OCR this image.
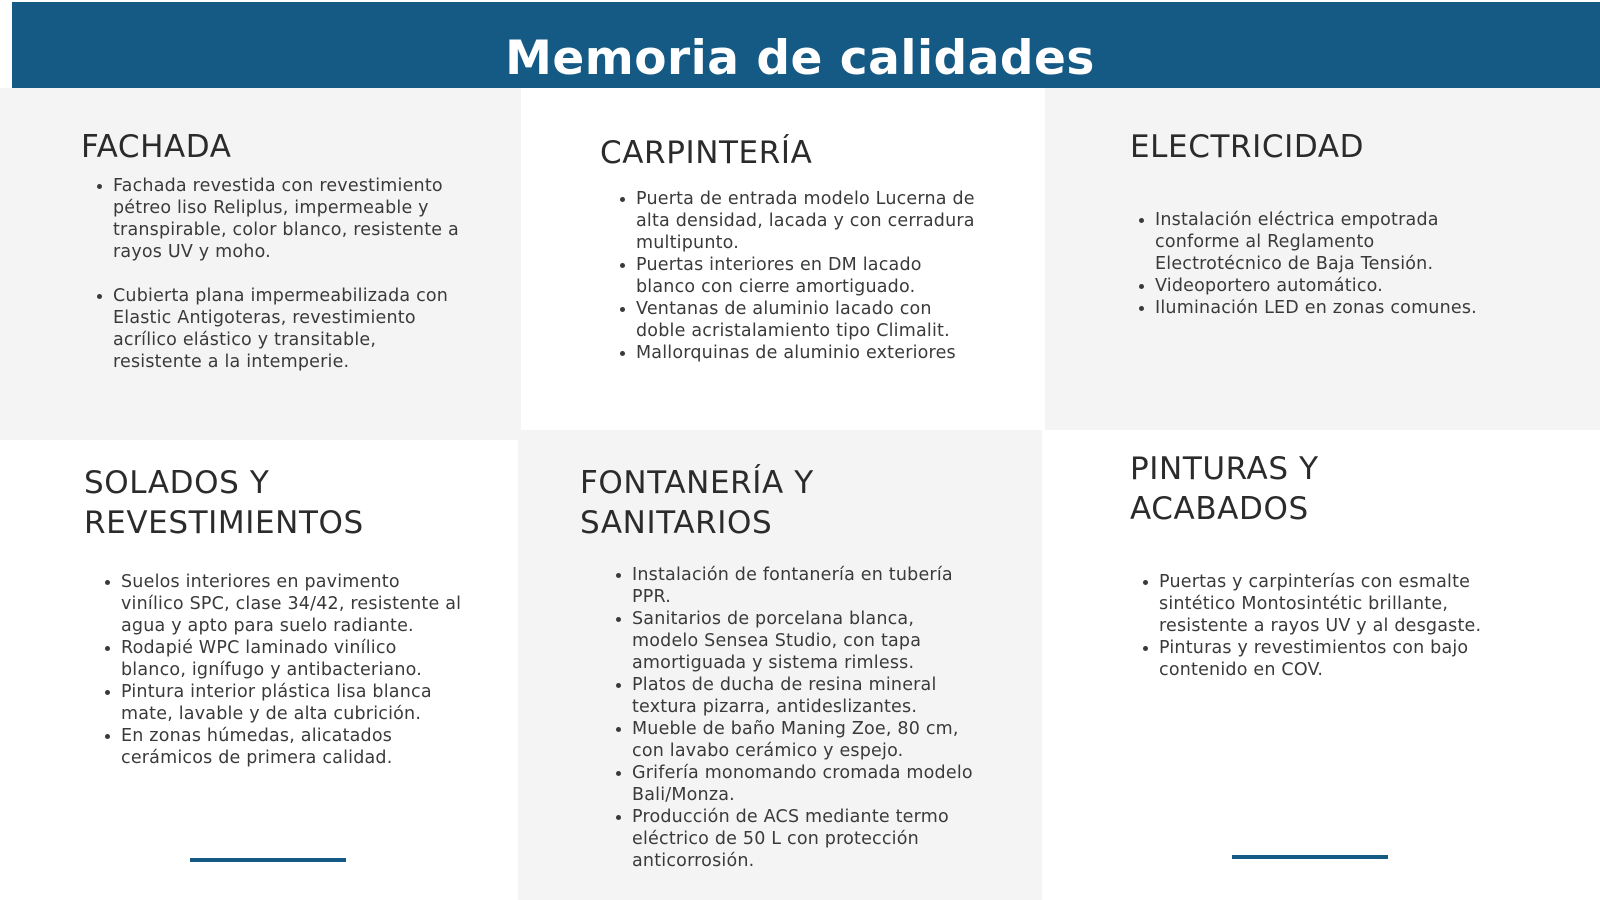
Memoria de calidades
FACHADA
• Fachada revestida con revestimiento pétreo liso Reliplus, impermeable y transpirable, color blanco, resistente a rayos UV y moho.
• Cubierta plana impermeabilizada con Elastic Antigoteras, revestimiento acrílico elástico y transitable, resistente a la intemperie.
CARPINTERÍA
• Puerta de entrada modelo Lucerna de alta densidad, lacada y con cerradura multipunto.
• Puertas interiores en DM lacado blanco con cierre amortiguado.
• Ventanas de aluminio lacado con doble acristalamiento tipo Climalit.
• Mallorquinas de aluminio exteriores
ELECTRICIDAD
• Instalación eléctrica empotrada conforme al Reglamento Electrotécnico de Baja Tensión.
• Videoportero automático.
• Iluminación LED en zonas comunes.
SOLADOS Y
REVESTIMIENTOS
• Suelos interiores en pavimento vinílico SPC, clase 34/42, resistente al agua y apto para suelo radiante.
• Rodapié WPC laminado vinílico blanco, ignífugo y antibacteriano.
• Pintura interior plástica lisa blanca mate, lavable y de alta cubrición.
• En zonas húmedas, alicatados cerámicos de primera calidad.
FONTANERÍA Y
SANITARIOS
• Instalación de fontanería en tubería PPR.
• Sanitarios de porcelana blanca, modelo Sensea Studio, con tapa amortiguada y sistema rimless.
• Platos de ducha de resina mineral textura pizarra, antideslizantes.
• Mueble de baño Maning Zoe, 80 cm, con lavabo cerámico y espejo.
• Grifería monomando cromada modelo Bali/Monza.
• Producción de ACS mediante termo eléctrico de 50 L con protección anticorrosión.
PINTURAS Y
ACABADOS
• Puertas y carpinterías con esmalte sintético Montosintétic brillante, resistente a rayos UV y al desgaste.
• Pinturas y revestimientos con bajo contenido en COV.
